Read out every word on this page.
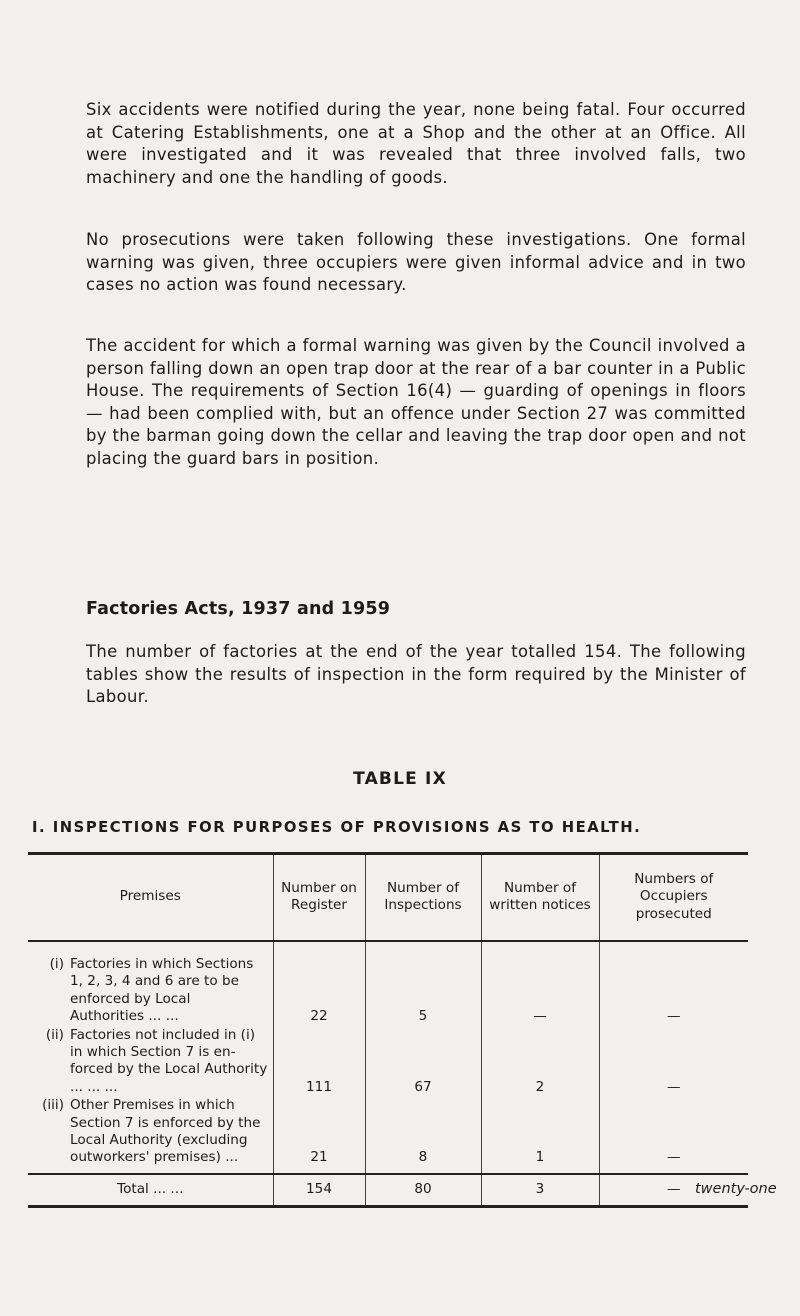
Six accidents were notified during the year, none being fatal. Four occurred at Catering Establishments, one at a Shop and the other at an Office. All were investigated and it was revealed that three involved falls, two machinery and one the handling of goods.

No prosecutions were taken following these investigations. One formal warning was given, three occupiers were given informal advice and in two cases no action was found necessary.

The accident for which a formal warning was given by the Council involved a person falling down an open trap door at the rear of a bar counter in a Public House. The requirements of Section 16(4) — guarding of openings in floors — had been complied with, but an offence under Section 27 was committed by the barman going down the cellar and leaving the trap door open and not placing the guard bars in position.

Factories Acts, 1937 and 1959

The number of factories at the end of the year totalled 154. The following tables show the results of inspection in the form required by the Minister of Labour.

TABLE IX
I. INSPECTIONS FOR PURPOSES OF PROVISIONS AS TO HEALTH.
Premises	Number on Register	Number of Inspections	Number of written notices	Numbers of Occupiers prosecuted

(i) Factories in which Sections 1, 2, 3, 4 and 6 are to be enforced by Local Authorities ... ...	22	5	—	—

(ii) Factories not included in (i) in which Section 7 is en-forced by the Local Authority ... ... ...	111	67	2	—

(iii) Other Premises in which Section 7 is enforced by the Local Authority (excluding outworkers' premises) ...	21	8	1	—
Total ... ...	154	80	3	— twenty-one
